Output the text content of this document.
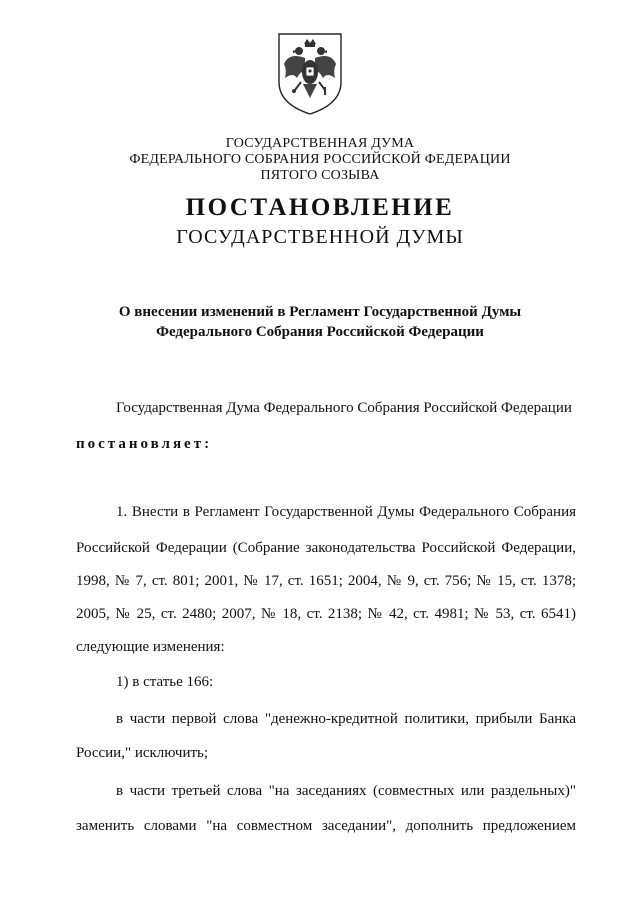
ГОСУДАРСТВЕННАЯ ДУМА
ФЕДЕРАЛЬНОГО СОБРАНИЯ РОССИЙСКОЙ ФЕДЕРАЦИИ
ПЯТОГО СОЗЫВА
ПОСТАНОВЛЕНИЕ
ГОСУДАРСТВЕННОЙ ДУМЫ
О внесении изменений в Регламент Государственной Думы
Федерального Собрания Российской Федерации
Государственная Дума Федерального Собрания Российской Федерации
постановляет:
1. Внести в Регламент Государственной Думы Федерального Собрания
Российской Федерации (Собрание законодательства Российской Федерации,
1998, № 7, ст. 801; 2001, № 17, ст. 1651; 2004, № 9, ст. 756; № 15, ст. 1378;
2005, № 25, ст. 2480; 2007, № 18, ст. 2138; № 42, ст. 4981; № 53, ст. 6541)
следующие изменения:
1) в статье 166:
в части первой слова "денежно-кредитной политики, прибыли Банка
России," исключить;
в части третьей слова "на заседаниях (совместных или раздельных)"
заменить словами "на совместном заседании", дополнить предложением
